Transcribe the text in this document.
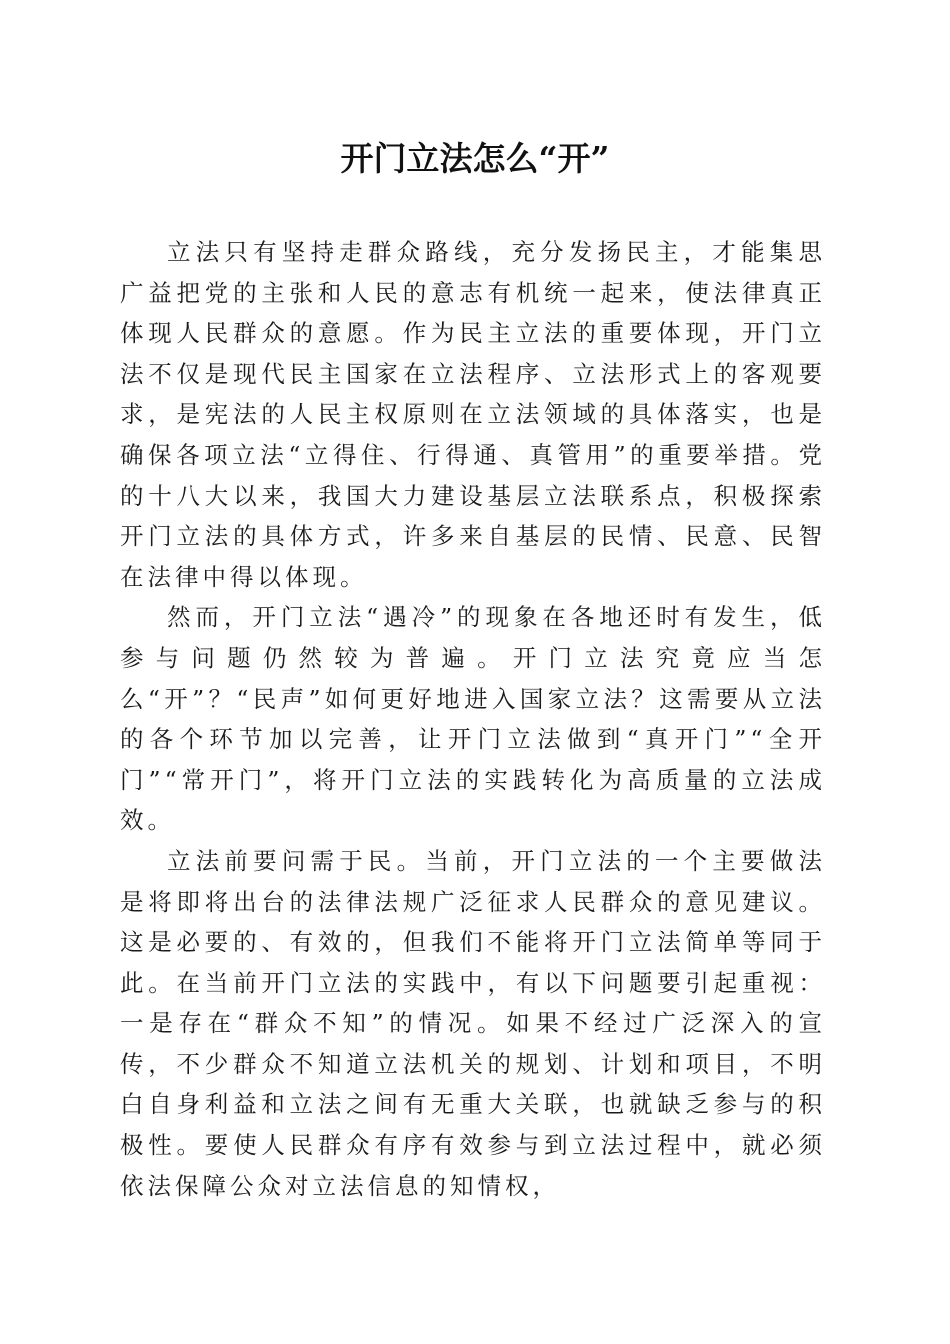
开门立法怎么“开”

立法只有坚持走群众路线，充分发扬民主，才能集思广益把党的主张和人民的意志有机统一起来，使法律真正体现人民群众的意愿。作为民主立法的重要体现，开门立法不仅是现代民主国家在立法程序、立法形式上的客观要求，是宪法的人民主权原则在立法领域的具体落实，也是确保各项立法“立得住、行得通、真管用”的重要举措。党的十八大以来，我国大力建设基层立法联系点，积极探索开门立法的具体方式，许多来自基层的民情、民意、民智在法律中得以体现。

然而，开门立法“遇冷”的现象在各地还时有发生，低参与问题仍然较为普遍。开门立法究竟应当怎么“开”？“民声”如何更好地进入国家立法？这需要从立法的各个环节加以完善，让开门立法做到“真开门”“全开门”“常开门”，将开门立法的实践转化为高质量的立法成效。

立法前要问需于民。当前，开门立法的一个主要做法是将即将出台的法律法规广泛征求人民群众的意见建议。这是必要的、有效的，但我们不能将开门立法简单等同于此。在当前开门立法的实践中，有以下问题要引起重视：一是存在“群众不知”的情况。如果不经过广泛深入的宣传，不少群众不知道立法机关的规划、计划和项目，不明白自身利益和立法之间有无重大关联，也就缺乏参与的积极性。要使人民群众有序有效参与到立法过程中，就必须依法保障公众对立法信息的知情权，
